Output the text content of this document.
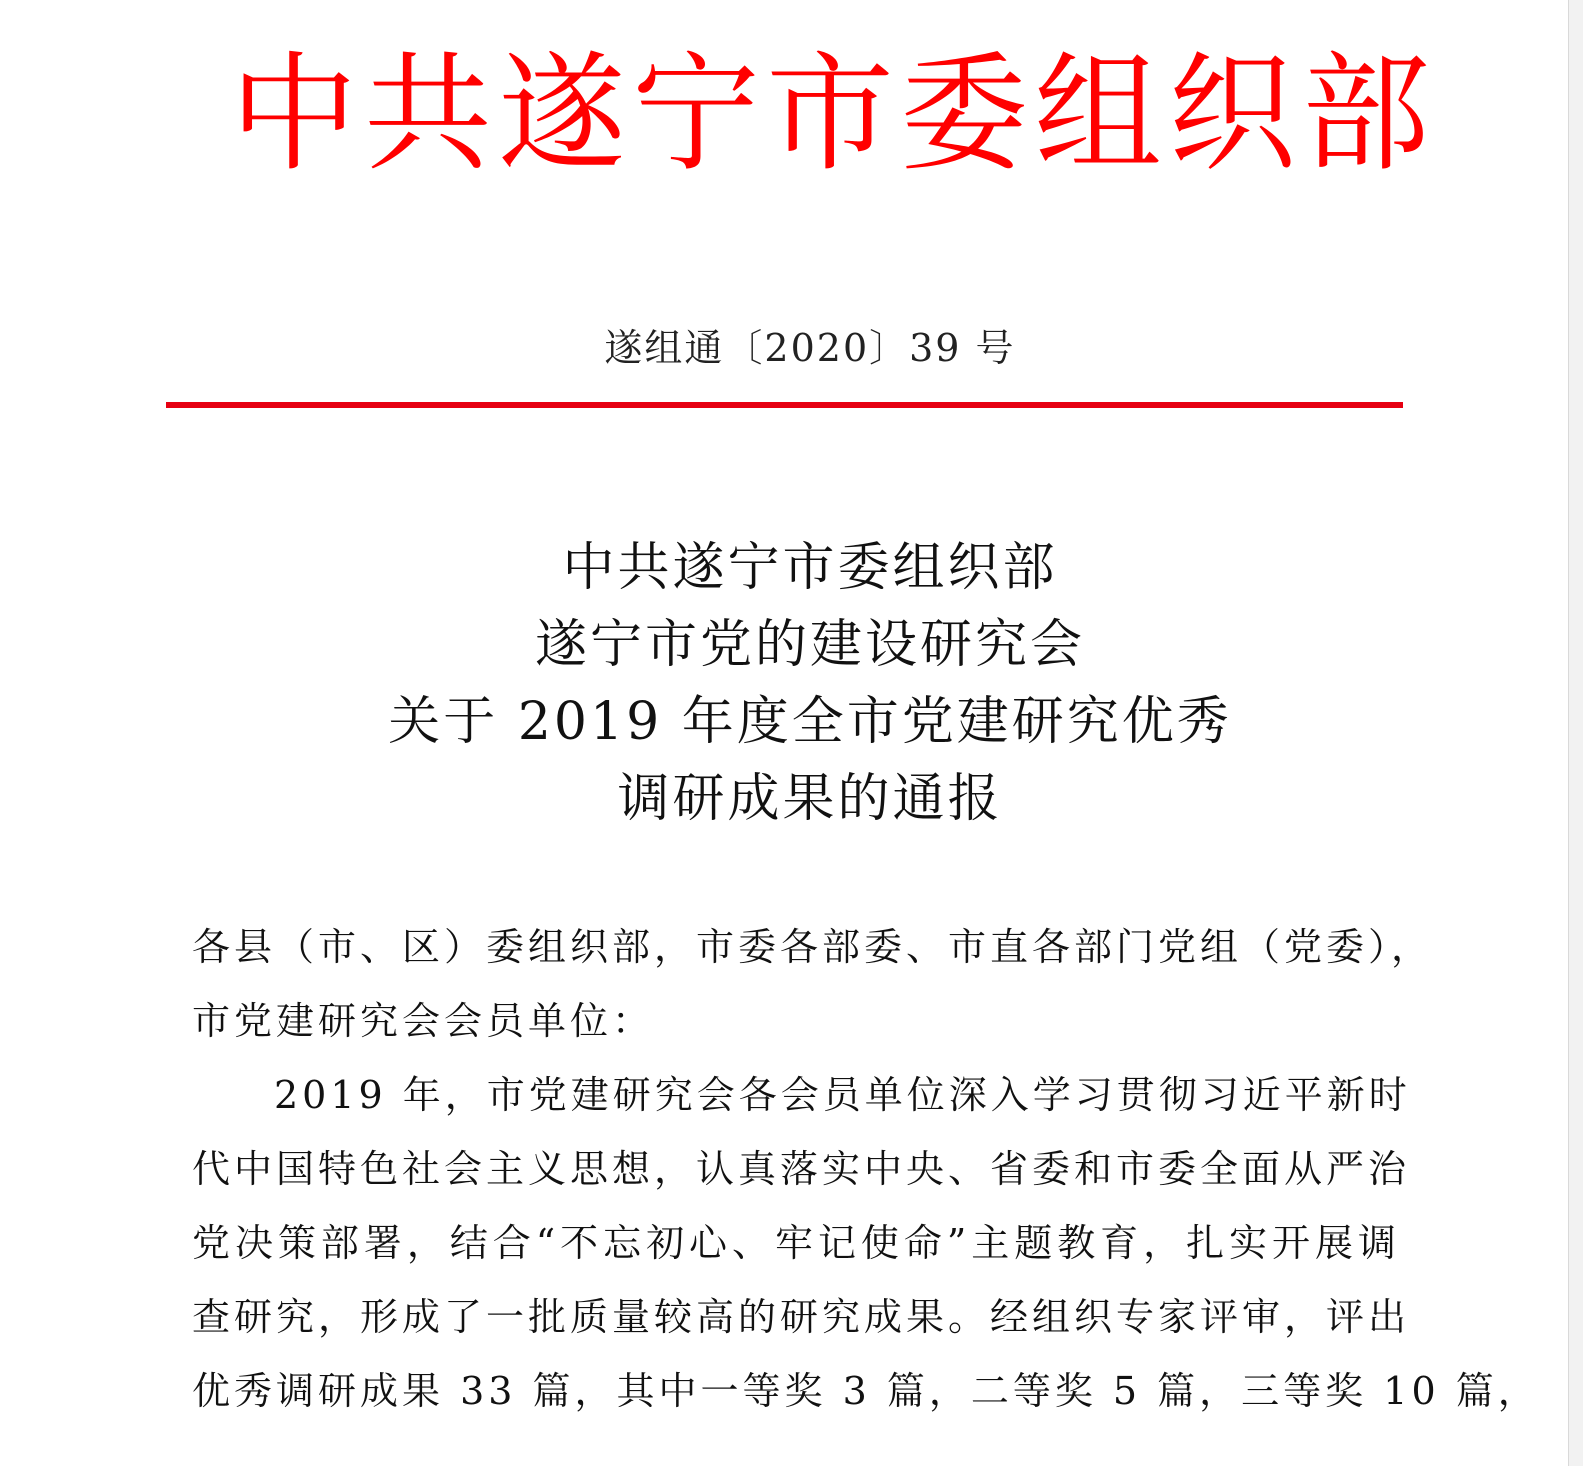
中共遂宁市委组织部
遂组通〔2020〕39 号
中共遂宁市委组织部
遂宁市党的建设研究会
关于 2019 年度全市党建研究优秀
调研成果的通报
各县（市、区）委组织部，市委各部委、市直各部门党组（党委），
市党建研究会会员单位：
2019 年，市党建研究会各会员单位深入学习贯彻习近平新时
代中国特色社会主义思想，认真落实中央、省委和市委全面从严治
党决策部署，结合“不忘初心、牢记使命”主题教育，扎实开展调
查研究，形成了一批质量较高的研究成果。经组织专家评审，评出
优秀调研成果 33 篇，其中一等奖 3 篇，二等奖 5 篇，三等奖 10 篇，
